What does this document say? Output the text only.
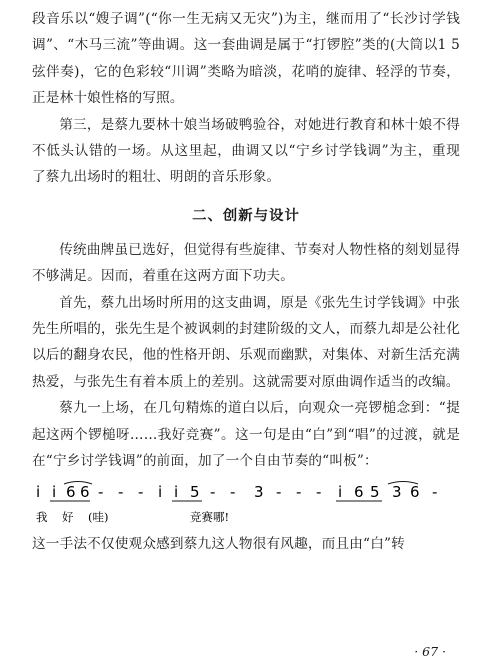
段音乐以“嫂子调”(“你一生无病又无灾”)为主，继而用了“长沙讨学钱调”、“木马三流”等曲调。这一套曲调是属于“打锣腔”类的(大筒以1 5弦伴奏)，它的色彩较“川调”类略为暗淡，花哨的旋律、轻浮的节奏，正是林十娘性格的写照。

第三，是蔡九要林十娘当场破鸭验谷，对她进行教育和林十娘不得不低头认错的一场。从这里起，曲调又以“宁乡讨学钱调”为主，重现了蔡九出场时的粗壮、明朗的音乐形象。

二、创新与设计

传统曲牌虽已选好，但觉得有些旋律、节奏对人物性格的刻划显得不够满足。因而，着重在这两方面下功夫。

首先，蔡九出场时所用的这支曲调，原是《张先生讨学钱调》中张先生所唱的，张先生是个被讽刺的封建阶级的文人，而蔡九却是公社化以后的翻身农民，他的性格开朗、乐观而幽默，对集体、对新生活充满热爱，与张先生有着本质上的差别。这就需要对原曲调作适当的改编。

蔡九一上场，在几句精炼的道白以后，向观众一亮锣槌念到：“提起这两个锣槌呀……我好竞赛”。这一句是由“白”到“唱”的过渡，就是在“宁乡讨学钱调”的前面，加了一个自由节奏的“叫板”：

i i 6 6 - - - i i 5 - - 3 - - - i 6 5 3 6 -
我 好 (哇)	竞赛哪!

这一手法不仅使观众感到蔡九这人物很有风趣，而且由“白”转

· 67 ·
